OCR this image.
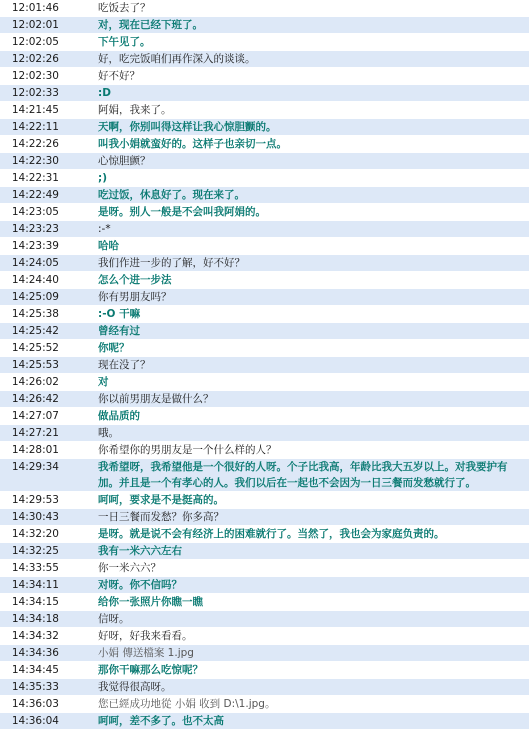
12:01:46	吃饭去了？
12:02:01	对，现在已经下班了。
12:02:05	下午见了。
12:02:26	好，吃完饭咱们再作深入的谈谈。
12:02:30	好不好？
12:02:33	:D
14:21:45	阿娟，我来了。
14:22:11	天啊，你别叫得这样让我心惊胆颤的。
14:22:26	叫我小娟就蛮好的。这样子也亲切一点。
14:22:30	心惊胆颤？
14:22:31	;)
14:22:49	吃过饭，休息好了。现在来了。
14:23:05	是呀。别人一般是不会叫我阿娟的。
14:23:23	:-*
14:23:39	哈哈
14:24:05	我们作进一步的了解，好不好？
14:24:40	怎么个进一步法
14:25:09	你有男朋友吗？
14:25:38	:-O 干嘛
14:25:42	曾经有过
14:25:52	你呢？
14:25:53	现在没了？
14:26:02	对
14:26:42	你以前男朋友是做什么？
14:27:07	做品质的
14:27:21	哦。
14:28:01	你希望你的男朋友是一个什么样的人？
14:29:34	我希望呀，我希望他是一个很好的人呀。个子比我高，年龄比我大五岁以上。对我要护有加。并且是一个有孝心的人。我们以后在一起也不会因为一日三餐而发愁就行了。
14:29:53	呵呵，要求是不是挺高的。
14:30:43	一日三餐而发愁？你多高？
14:32:20	是呀。就是说不会有经济上的困难就行了。当然了，我也会为家庭负责的。
14:32:25	我有一米六六左右
14:33:55	你一米六六？
14:34:11	对呀。你不信吗？
14:34:15	给你一张照片你瞧一瞧
14:34:18	信呀。
14:34:32	好呀，好我来看看。
14:34:36	小娟 傳送檔案 1.jpg
14:34:45	那你干嘛那么吃惊呢？
14:35:33	我觉得很高呀。
14:36:03	您已經成功地從 小娟 收到 D:\1.jpg。
14:36:04	呵呵，差不多了。也不太高
